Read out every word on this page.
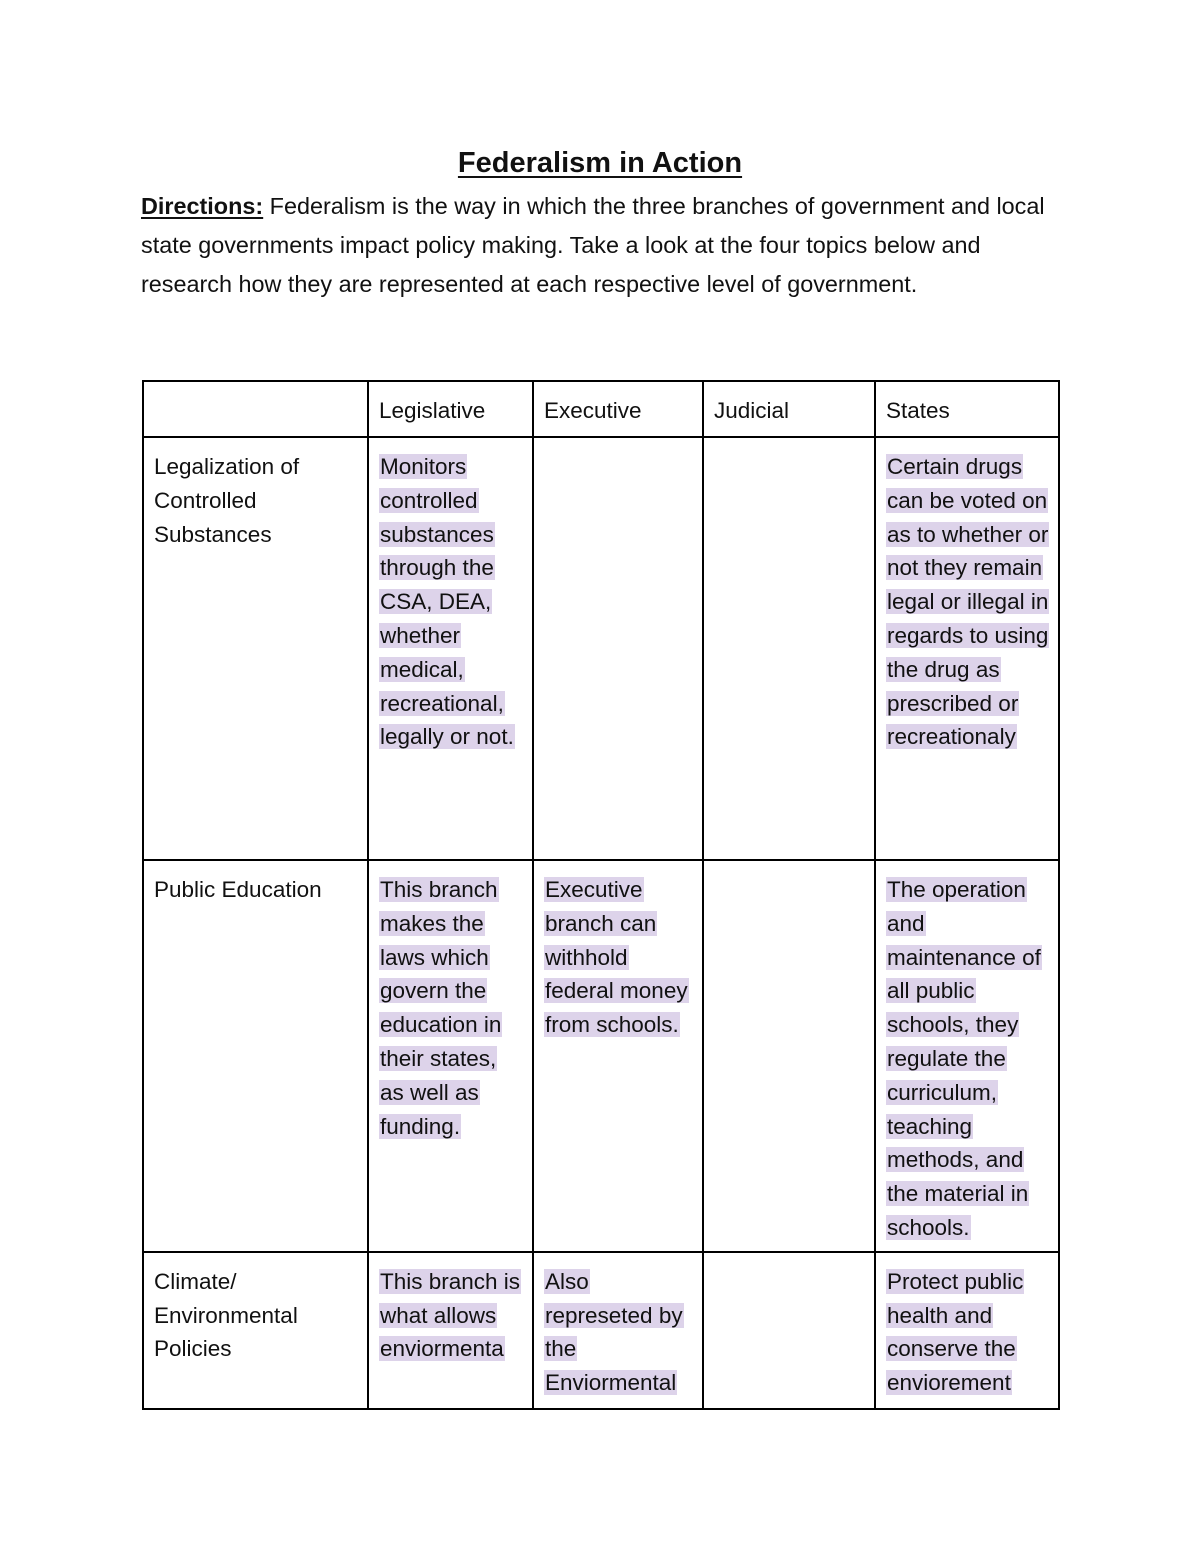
Federalism in Action

Directions: Federalism is the way in which the three branches of government and local state governments impact policy making. Take a look at the four topics below and research how they are represented at each respective level of government.

	Legislative	Executive	Judicial	States
Legalization of Controlled Substances	Monitors controlled substances through the CSA, DEA, whether medical, recreational, legally or not.			Certain drugs can be voted on as to whether or not they remain legal or illegal in regards to using the drug as prescribed or recreationaly
Public Education	This branch makes the laws which govern the education in their states, as well as funding.	Executive branch can withhold federal money from schools.		The operation and maintenance of all public schools, they regulate the curriculum, teaching methods, and the material in schools.
Climate/ Environmental Policies	This branch is what allows enviormenta	Also represeted by the Enviormental		Protect public health and conserve the enviorement
